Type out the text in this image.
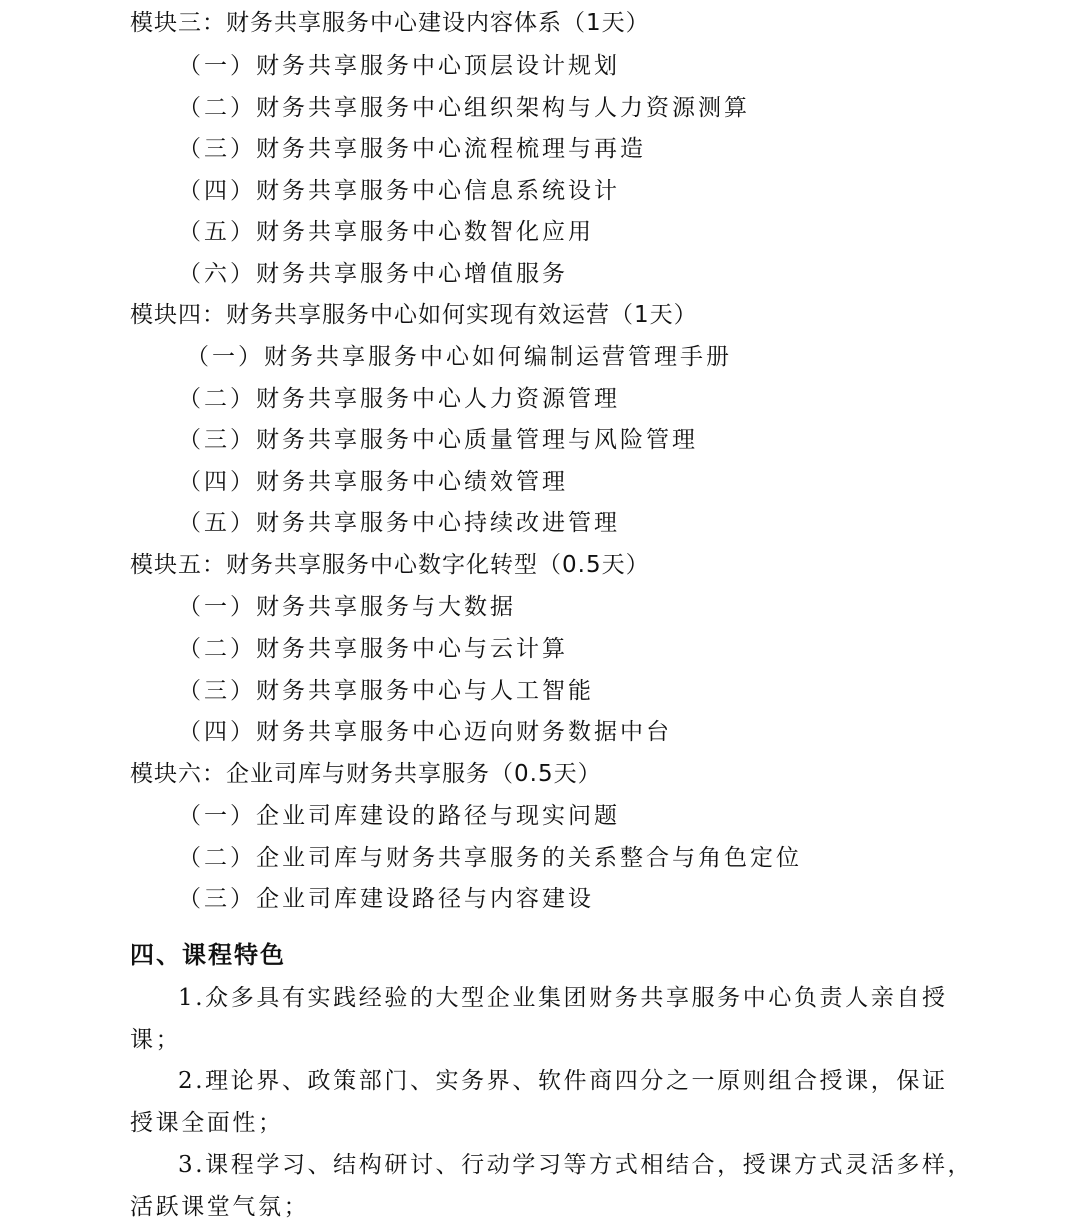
模块三：财务共享服务中心建设内容体系（1天）
（一）财务共享服务中心顶层设计规划
（二）财务共享服务中心组织架构与人力资源测算
（三）财务共享服务中心流程梳理与再造
（四）财务共享服务中心信息系统设计
（五）财务共享服务中心数智化应用
（六）财务共享服务中心增值服务
模块四：财务共享服务中心如何实现有效运营（1天）
（一）财务共享服务中心如何编制运营管理手册
（二）财务共享服务中心人力资源管理
（三）财务共享服务中心质量管理与风险管理
（四）财务共享服务中心绩效管理
（五）财务共享服务中心持续改进管理
模块五：财务共享服务中心数字化转型（0.5天）
（一）财务共享服务与大数据
（二）财务共享服务中心与云计算
（三）财务共享服务中心与人工智能
（四）财务共享服务中心迈向财务数据中台
模块六：企业司库与财务共享服务（0.5天）
（一）企业司库建设的路径与现实问题
（二）企业司库与财务共享服务的关系整合与角色定位
（三）企业司库建设路径与内容建设
四、课程特色
1.众多具有实践经验的大型企业集团财务共享服务中心负责人亲自授
课；
2.理论界、政策部门、实务界、软件商四分之一原则组合授课，保证
授课全面性；
3.课程学习、结构研讨、行动学习等方式相结合，授课方式灵活多样，
活跃课堂气氛；
